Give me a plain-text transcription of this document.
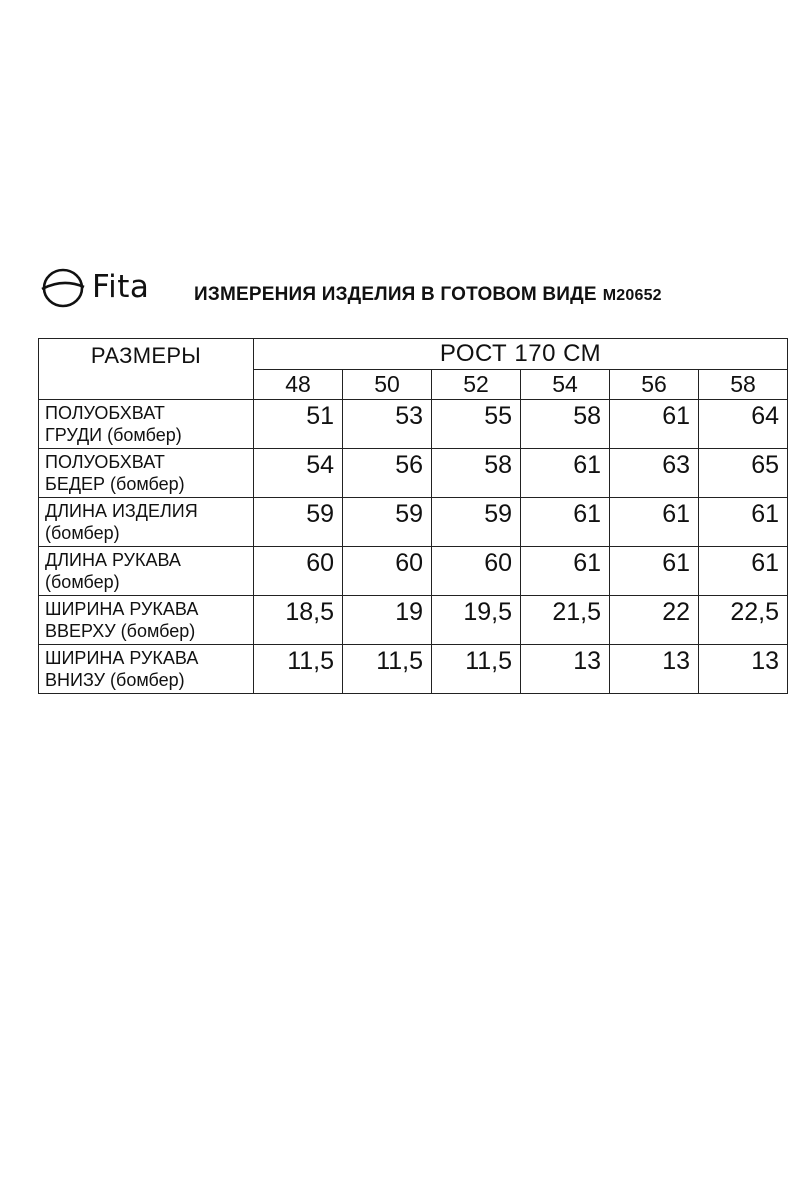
Fita ИЗМЕРЕНИЯ ИЗДЕЛИЯ В ГОТОВОМ ВИДЕ M20652
РАЗМЕРЫ	РОСТ 170 СМ					
	48	50	52	54	56	58
ПОЛУОБХВАТ
ГРУДИ (бомбер)	51	53	55	58	61	64
ПОЛУОБХВАТ
БЕДЕР (бомбер)	54	56	58	61	63	65
ДЛИНА ИЗДЕЛИЯ
(бомбер)	59	59	59	61	61	61
ДЛИНА РУКАВА
(бомбер)	60	60	60	61	61	61
ШИРИНА РУКАВА
ВВЕРХУ (бомбер)	18,5	19	19,5	21,5	22	22,5
ШИРИНА РУКАВА
ВНИЗУ (бомбер)	11,5	11,5	11,5	13	13	13
